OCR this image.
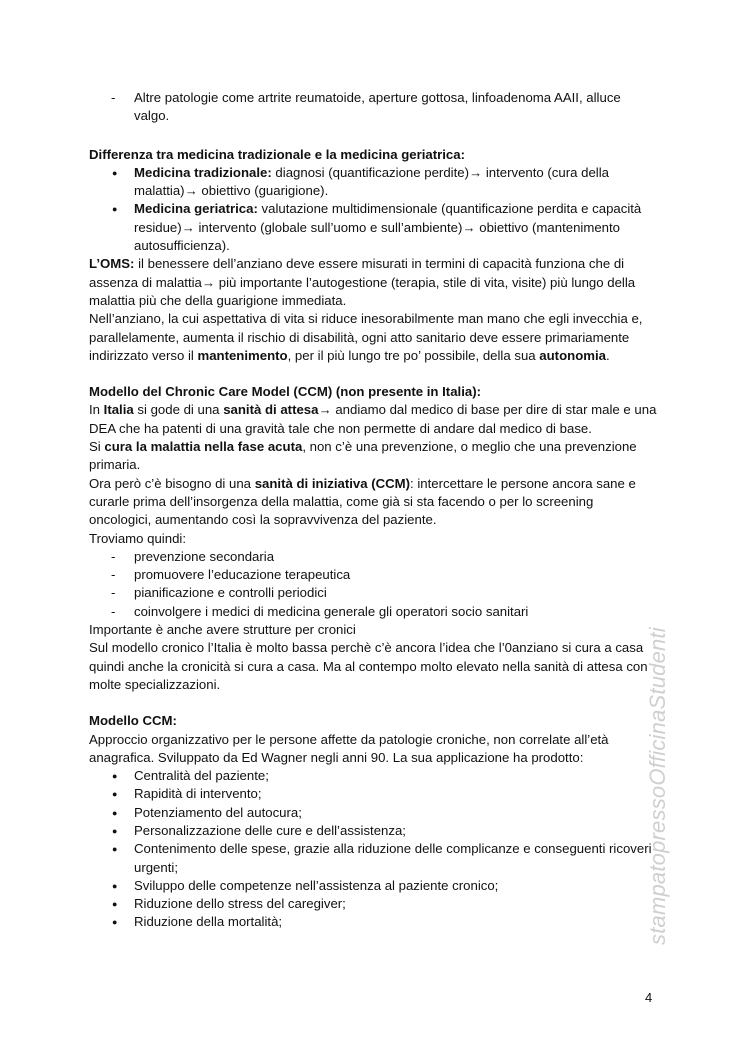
- Altre patologie come artrite reumatoide, aperture gottosa, linfoadenoma AAII, alluce valgo.

Differenza tra medicina tradizionale e la medicina geriatrica:

● Medicina tradizionale: diagnosi (quantificazione perdite)→ intervento (cura della malattia)→ obiettivo (guarigione).
● Medicina geriatrica: valutazione multidimensionale (quantificazione perdita e capacità residue)→ intervento (globale sull’uomo e sull’ambiente)→ obiettivo (mantenimento autosufficienza).

L’OMS: il benessere dell’anziano deve essere misurati in termini di capacità funziona che di assenza di malattia→ più importante l’autogestione (terapia, stile di vita, visite) più lungo della malattia più che della guarigione immediata.

Nell’anziano, la cui aspettativa di vita si riduce inesorabilmente man mano che egli invecchia e, parallelamente, aumenta il rischio di disabilità, ogni atto sanitario deve essere primariamente indirizzato verso il mantenimento, per il più lungo tre po’ possibile, della sua autonomia.

Modello del Chronic Care Model (CCM) (non presente in Italia):

In Italia si gode di una sanità di attesa→ andiamo dal medico di base per dire di star male e una DEA che ha patenti di una gravità tale che non permette di andare dal medico di base.

Si cura la malattia nella fase acuta, non c’è una prevenzione, o meglio che una prevenzione primaria.

Ora però c’è bisogno di una sanità di iniziativa (CCM): intercettare le persone ancora sane e curarle prima dell’insorgenza della malattia, come già si sta facendo o per lo screening oncologici, aumentando così la sopravvivenza del paziente.

Troviamo quindi:

- prevenzione secondaria
- promuovere l’educazione terapeutica
- pianificazione e controlli periodici
- coinvolgere i medici di medicina generale gli operatori socio sanitari

Importante è anche avere strutture per cronici

Sul modello cronico l’Italia è molto bassa perchè c’è ancora l’idea che l’0anziano si cura a casa quindi anche la cronicità si cura a casa. Ma al contempo molto elevato nella sanità di attesa con molte specializzazioni.

Modello CCM:

Approccio organizzativo per le persone affette da patologie croniche, non correlate all’età anagrafica. Sviluppato da Ed Wagner negli anni 90. La sua applicazione ha prodotto:

● Centralità del paziente;
● Rapidità di intervento;
● Potenziamento del autocura;
● Personalizzazione delle cure e dell’assistenza;
● Contenimento delle spese, grazie alla riduzione delle complicanze e conseguenti ricoveri urgenti;
● Sviluppo delle competenze nell’assistenza al paziente cronico;
● Riduzione dello stress del caregiver;
● Riduzione della mortalità;	stampatopressoOfficinaStudenti
4
